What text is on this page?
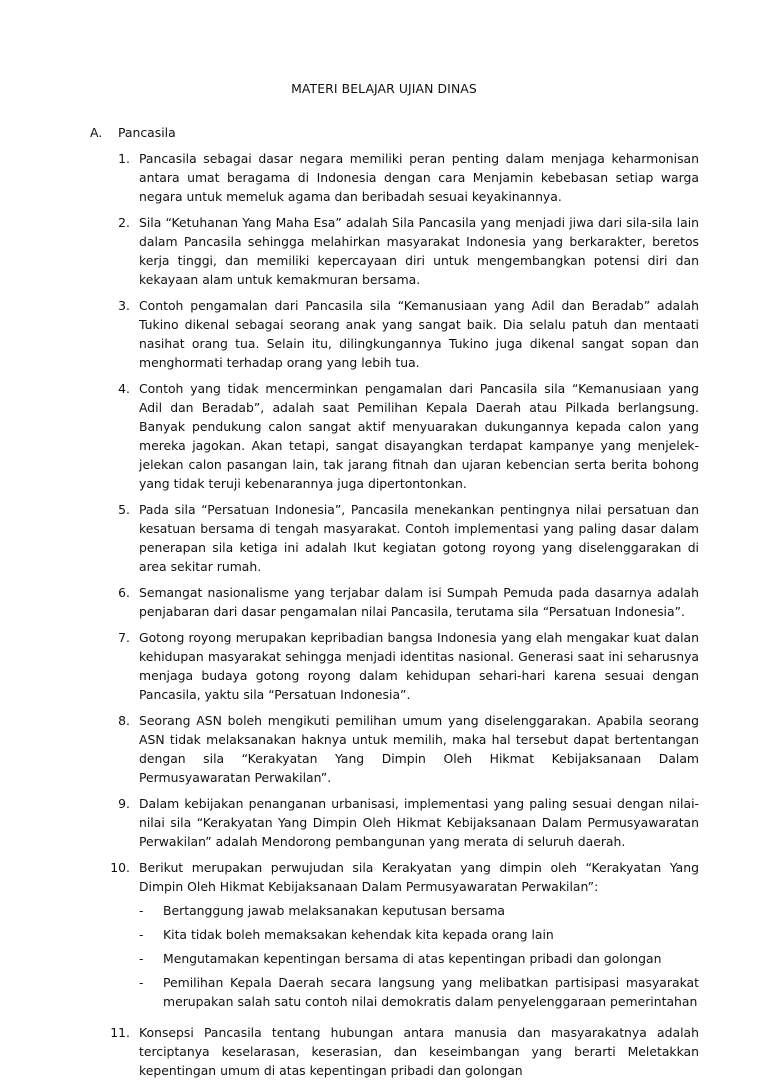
MATERI BELAJAR UJIAN DINAS
A.	Pancasila
1. Pancasila sebagai dasar negara memiliki peran penting dalam menjaga keharmonisan antara umat beragama di Indonesia dengan cara Menjamin kebebasan setiap warga negara untuk memeluk agama dan beribadah sesuai keyakinannya.
2. Sila “Ketuhanan Yang Maha Esa” adalah Sila Pancasila yang menjadi jiwa dari sila-sila lain dalam Pancasila sehingga melahirkan masyarakat Indonesia yang berkarakter, beretos kerja tinggi, dan memiliki kepercayaan diri untuk mengembangkan potensi diri dan kekayaan alam untuk kemakmuran bersama.
3. Contoh pengamalan dari Pancasila sila “Kemanusiaan yang Adil dan Beradab” adalah Tukino dikenal sebagai seorang anak yang sangat baik. Dia selalu patuh dan mentaati nasihat orang tua. Selain itu, dilingkungannya Tukino juga dikenal sangat sopan dan menghormati terhadap orang yang lebih tua.
4. Contoh yang tidak mencerminkan pengamalan dari Pancasila sila “Kemanusiaan yang Adil dan Beradab”, adalah saat Pemilihan Kepala Daerah atau Pilkada berlangsung. Banyak pendukung calon sangat aktif menyuarakan dukungannya kepada calon yang mereka jagokan. Akan tetapi, sangat disayangkan terdapat kampanye yang menjelek-jelekan calon pasangan lain, tak jarang fitnah dan ujaran kebencian serta berita bohong yang tidak teruji kebenarannya juga dipertontonkan.
5. Pada sila “Persatuan Indonesia”, Pancasila menekankan pentingnya nilai persatuan dan kesatuan bersama di tengah masyarakat. Contoh implementasi yang paling dasar dalam penerapan sila ketiga ini adalah Ikut kegiatan gotong royong yang diselenggarakan di area sekitar rumah.
6. Semangat nasionalisme yang terjabar dalam isi Sumpah Pemuda pada dasarnya adalah penjabaran dari dasar pengamalan nilai Pancasila, terutama sila “Persatuan Indonesia”.
7. Gotong royong merupakan kepribadian bangsa Indonesia yang elah mengakar kuat dalan kehidupan masyarakat sehingga menjadi identitas nasional. Generasi saat ini seharusnya menjaga budaya gotong royong dalam kehidupan sehari-hari karena sesuai dengan Pancasila, yaktu sila “Persatuan Indonesia”.
8. Seorang ASN boleh mengikuti pemilihan umum yang diselenggarakan. Apabila seorang ASN tidak melaksanakan haknya untuk memilih, maka hal tersebut dapat bertentangan dengan sila “Kerakyatan Yang Dimpin Oleh Hikmat Kebijaksanaan Dalam Permusyawaratan Perwakilan”.
9. Dalam kebijakan penanganan urbanisasi, implementasi yang paling sesuai dengan nilai-nilai sila “Kerakyatan Yang Dimpin Oleh Hikmat Kebijaksanaan Dalam Permusyawaratan Perwakilan” adalah Mendorong pembangunan yang merata di seluruh daerah.
10. Berikut merupakan perwujudan sila Kerakyatan yang dimpin oleh “Kerakyatan Yang Dimpin Oleh Hikmat Kebijaksanaan Dalam Permusyawaratan Perwakilan”:
-	Bertanggung jawab melaksanakan keputusan bersama
-	Kita tidak boleh memaksakan kehendak kita kepada orang lain
-	Mengutamakan kepentingan bersama di atas kepentingan pribadi dan golongan
-	Pemilihan Kepala Daerah secara langsung yang melibatkan partisipasi masyarakat merupakan salah satu contoh nilai demokratis dalam penyelenggaraan pemerintahan
11. Konsepsi Pancasila tentang hubungan antara manusia dan masyarakatnya adalah terciptanya keselarasan, keserasian, dan keseimbangan yang berarti Meletakkan kepentingan umum di atas kepentingan pribadi dan golongan
